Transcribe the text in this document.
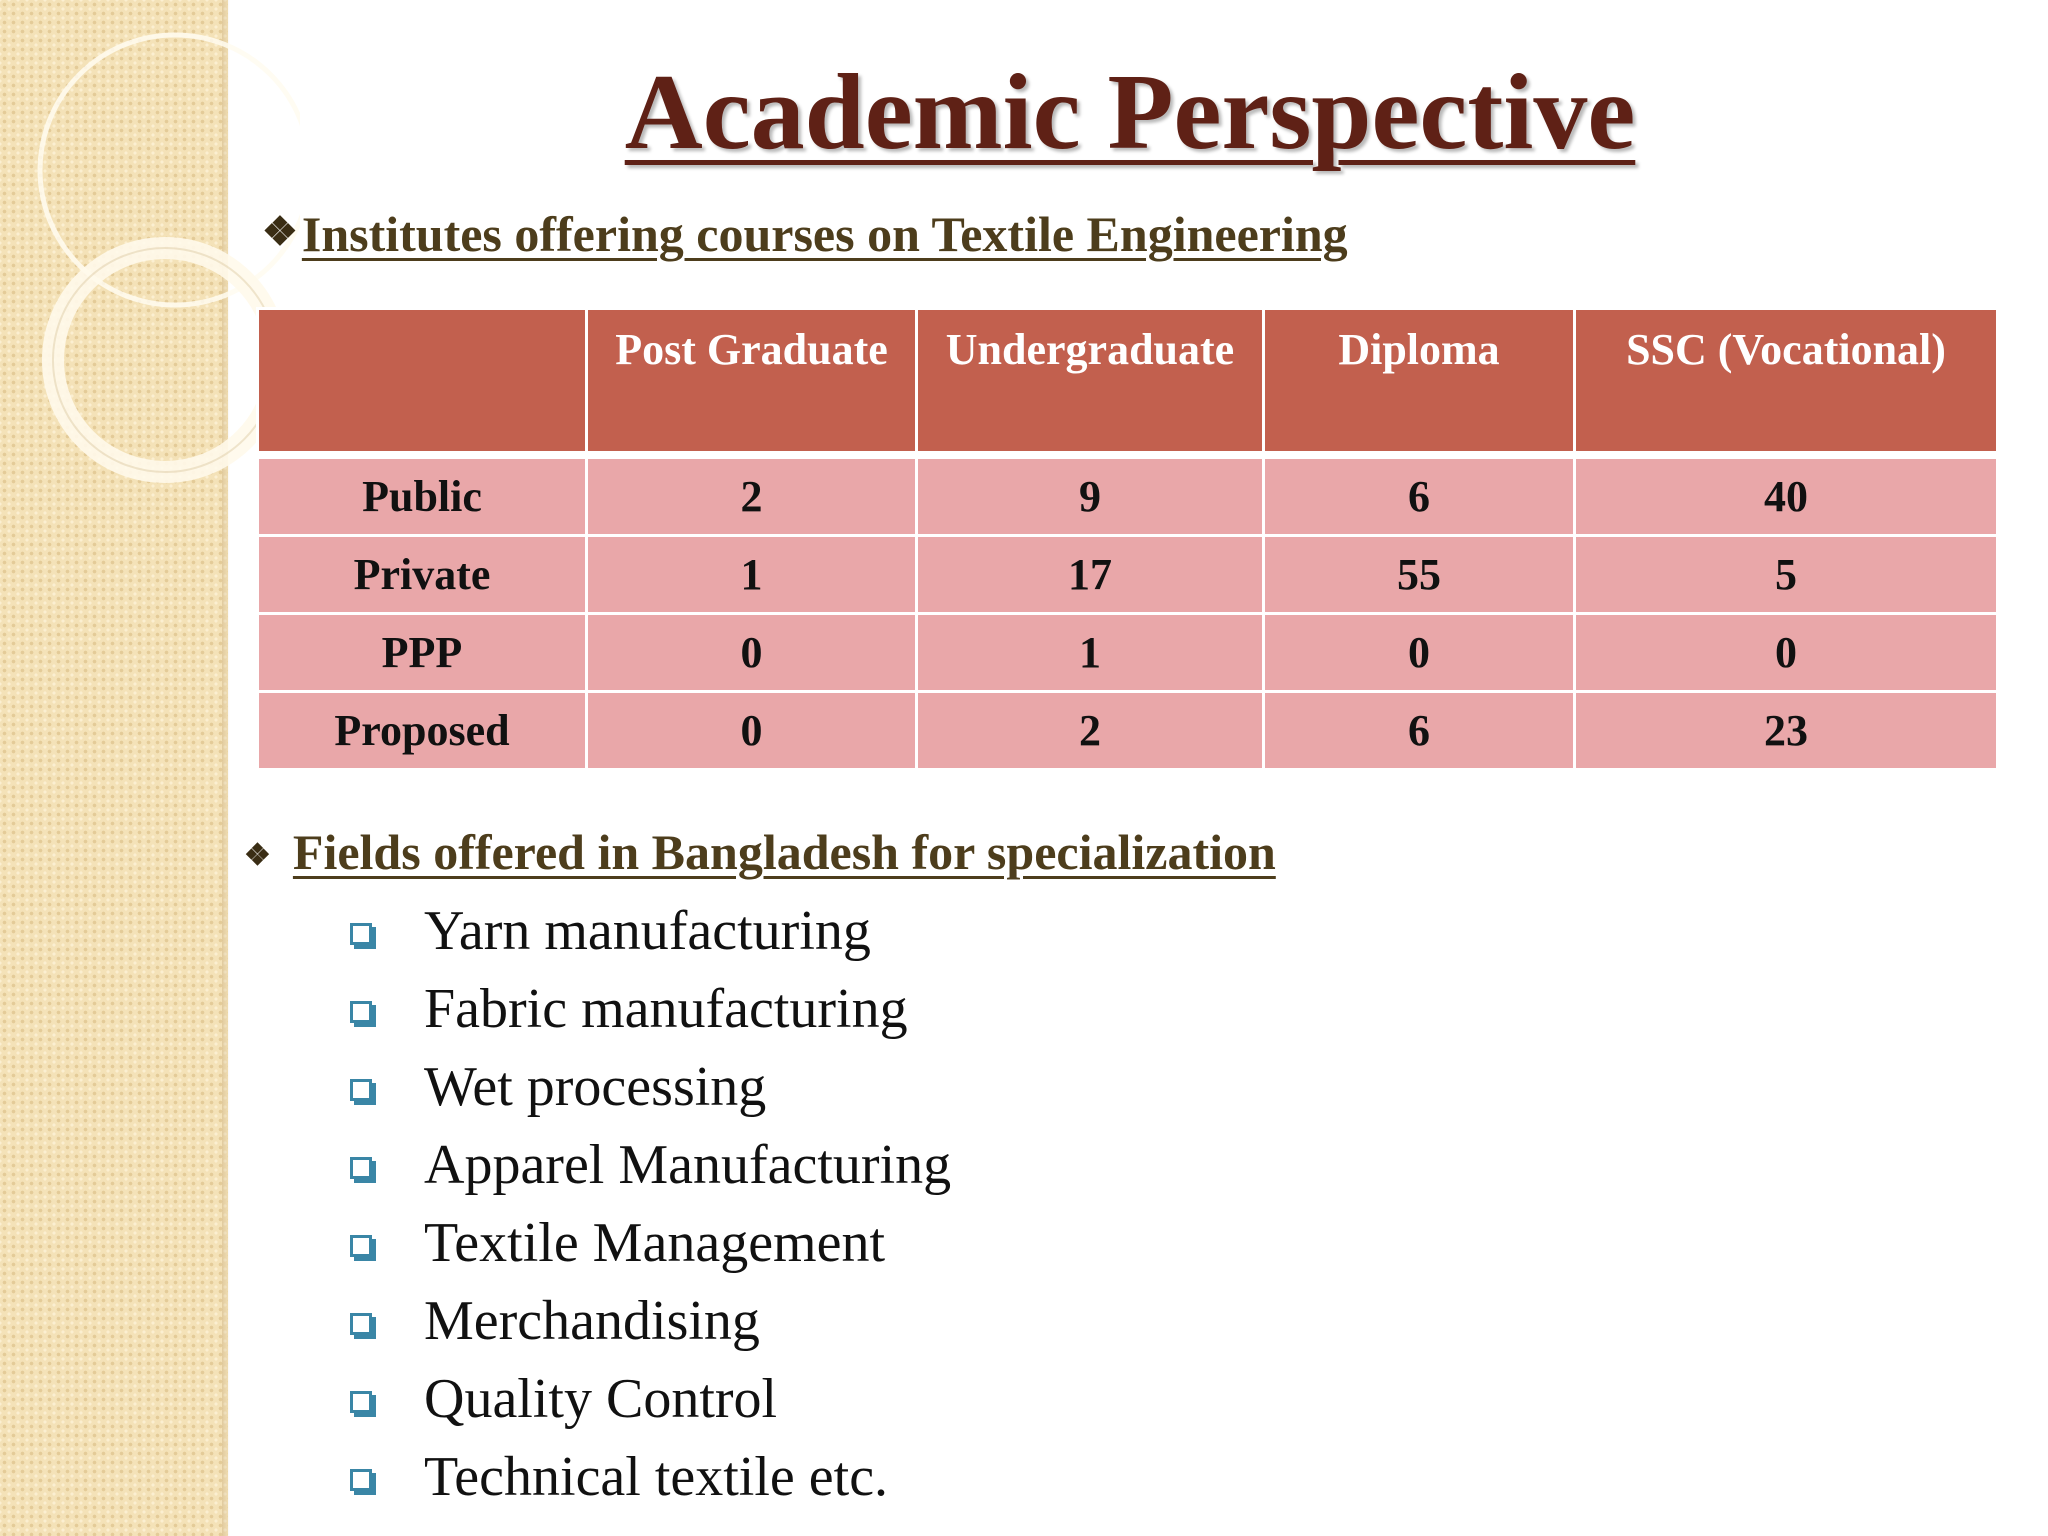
Academic Perspective
❖Institutes offering courses on Textile Engineering
	Post Graduate	Undergraduate	Diploma	SSC (Vocational)
Public	2	9	6	40
Private	1	17	55	5
PPP	0	1	0	0
Proposed	0	2	6	23
❖ Fields offered in Bangladesh for specialization
Yarn manufacturing
Fabric manufacturing
Wet processing
Apparel Manufacturing
Textile Management
Merchandising
Quality Control
Technical textile etc.
